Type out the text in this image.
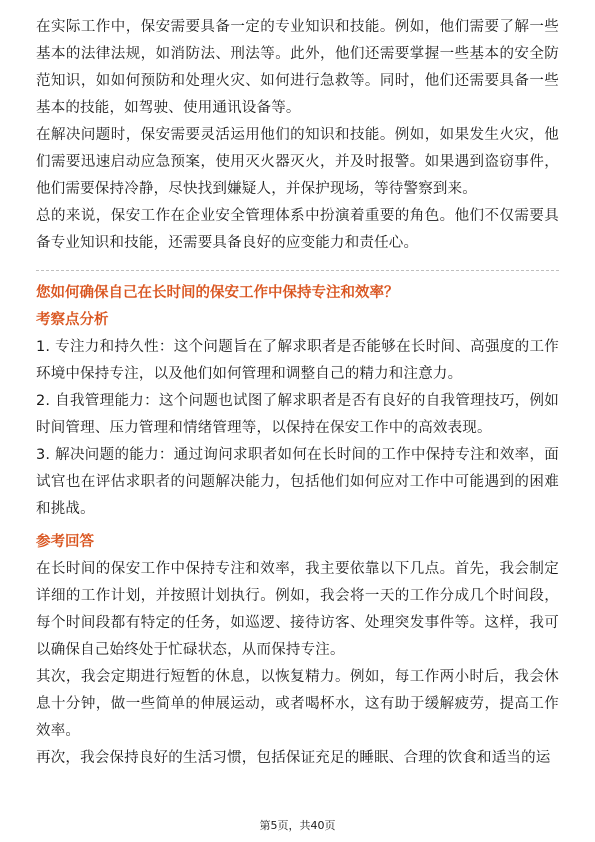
在实际工作中，保安需要具备一定的专业知识和技能。例如，他们需要了解一些基本的法律法规，如消防法、刑法等。此外，他们还需要掌握一些基本的安全防范知识，如如何预防和处理火灾、如何进行急救等。同时，他们还需要具备一些基本的技能，如驾驶、使用通讯设备等。

在解决问题时，保安需要灵活运用他们的知识和技能。例如，如果发生火灾，他们需要迅速启动应急预案，使用灭火器灭火，并及时报警。如果遇到盗窃事件，他们需要保持冷静，尽快找到嫌疑人，并保护现场，等待警察到来。

总的来说，保安工作在企业安全管理体系中扮演着重要的角色。他们不仅需要具备专业知识和技能，还需要具备良好的应变能力和责任心。

您如何确保自己在长时间的保安工作中保持专注和效率？

考察点分析

1. 专注力和持久性：这个问题旨在了解求职者是否能够在长时间、高强度的工作环境中保持专注，以及他们如何管理和调整自己的精力和注意力。

2. 自我管理能力：这个问题也试图了解求职者是否有良好的自我管理技巧，例如时间管理、压力管理和情绪管理等，以保持在保安工作中的高效表现。

3. 解决问题的能力：通过询问求职者如何在长时间的工作中保持专注和效率，面试官也在评估求职者的问题解决能力，包括他们如何应对工作中可能遇到的困难和挑战。

参考回答

在长时间的保安工作中保持专注和效率，我主要依靠以下几点。首先，我会制定详细的工作计划，并按照计划执行。例如，我会将一天的工作分成几个时间段，每个时间段都有特定的任务，如巡逻、接待访客、处理突发事件等。这样，我可以确保自己始终处于忙碌状态，从而保持专注。

其次，我会定期进行短暂的休息，以恢复精力。例如，每工作两小时后，我会休息十分钟，做一些简单的伸展运动，或者喝杯水，这有助于缓解疲劳，提高工作效率。

再次，我会保持良好的生活习惯，包括保证充足的睡眠、合理的饮食和适当的运

第5页，共40页
